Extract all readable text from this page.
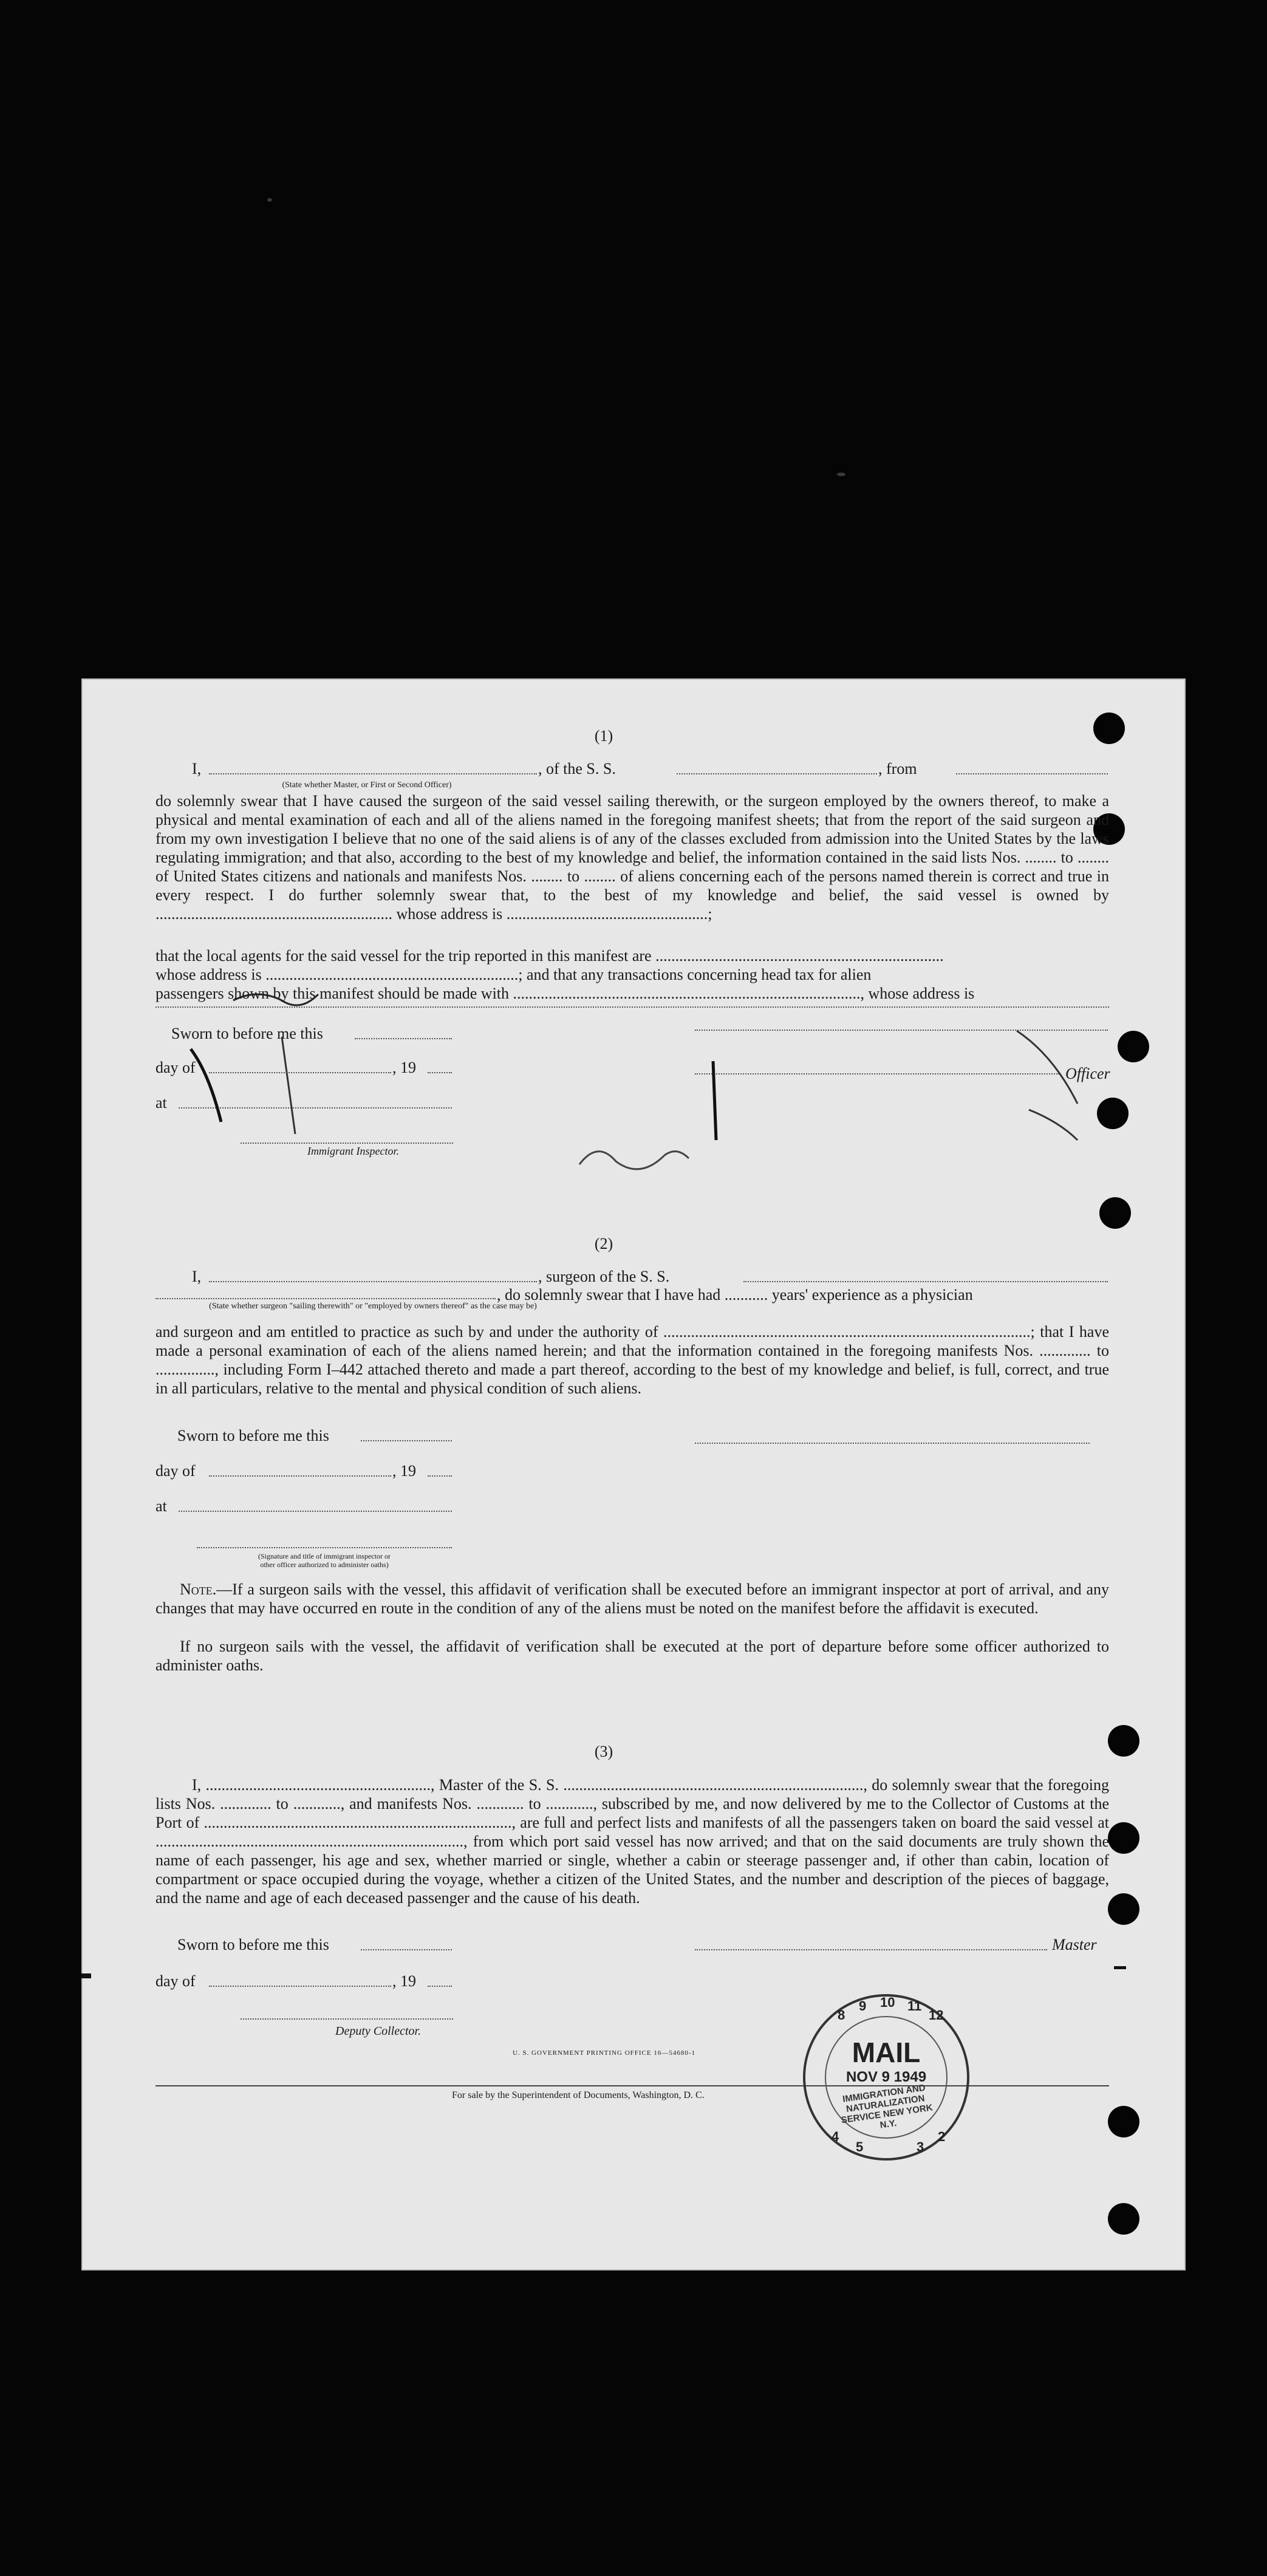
(1)
I,	, of the S. S.	, from
(State whether Master, or First or Second Officer)
do solemnly swear that I have caused the surgeon of the said vessel sailing therewith, or the surgeon employed by the owners thereof, to make a physical and mental examination of each and all of the aliens named in the foregoing manifest sheets; that from the report of the said surgeon and from my own investigation I believe that no one of the said aliens is of any of the classes excluded from admission into the United States by the laws regulating immigration; and that also, according to the best of my knowledge and belief, the information contained in the said lists Nos. ........ to ........ of United States citizens and nationals and manifests Nos. ........ to ........ of aliens concerning each of the persons named therein is correct and true in every respect. I do further solemnly swear that, to the best of my knowledge and belief, the said vessel is owned by ............................................................ whose address is ...................................................;
that the local agents for the said vessel for the trip reported in this manifest are .........................................................................
whose address is ................................................................; and that any transactions concerning head tax for alien
passengers shown by this manifest should be made with ........................................................................................, whose address is
Sworn to before me this
day of	, 19	Officer
at
Immigrant Inspector.

(2)
I,	, surgeon of the S. S.
, do solemnly swear that I have had ........... years' experience as a physician
(State whether surgeon "sailing therewith" or "employed by owners thereof" as the case may be)
and surgeon and am entitled to practice as such by and under the authority of .............................................................................................; that I have made a personal examination of each of the aliens named herein; and that the information contained in the foregoing manifests Nos. ............. to ..............., including Form I–442 attached thereto and made a part thereof, according to the best of my knowledge and belief, is full, correct, and true in all particulars, relative to the mental and physical condition of such aliens.
Sworn to before me this
day of	, 19
at
(Signature and title of immigrant inspector or
other officer authorized to administer oaths)
Note.—If a surgeon sails with the vessel, this affidavit of verification shall be executed before an immigrant inspector at port of arrival, and any changes that may have occurred en route in the condition of any of the aliens must be noted on the manifest before the affidavit is executed.
If no surgeon sails with the vessel, the affidavit of verification shall be executed at the port of departure before some officer authorized to administer oaths.
(3)
I, ........................................................., Master of the S. S. ............................................................................, do solemnly swear that the foregoing lists Nos. ............. to ............, and manifests Nos. ............ to ............, subscribed by me, and now delivered by me to the Collector of Customs at the Port of .............................................................................., are full and perfect lists and manifests of all the passengers taken on board the said vessel at .............................................................................., from which port said vessel has now arrived; and that on the said documents are truly shown the name of each passenger, his age and sex, whether married or single, whether a cabin or steerage passenger and, if other than cabin, location of compartment or space occupied during the voyage, whether a citizen of the United States, and the number and description of the pieces of baggage, and the name and age of each deceased passenger and the cause of his death.
Sworn to before me this	Master
day of	, 19
Deputy Collector.
U. S. GOVERNMENT PRINTING OFFICE 16—54680-1
For sale by the Superintendent of Documents, Washington, D. C.
8
9 10 11
12
4
5	3
2
MAIL
NOV 9 1949
IMMIGRATION AND NATURALIZATION SERVICE NEW YORK N.Y.
